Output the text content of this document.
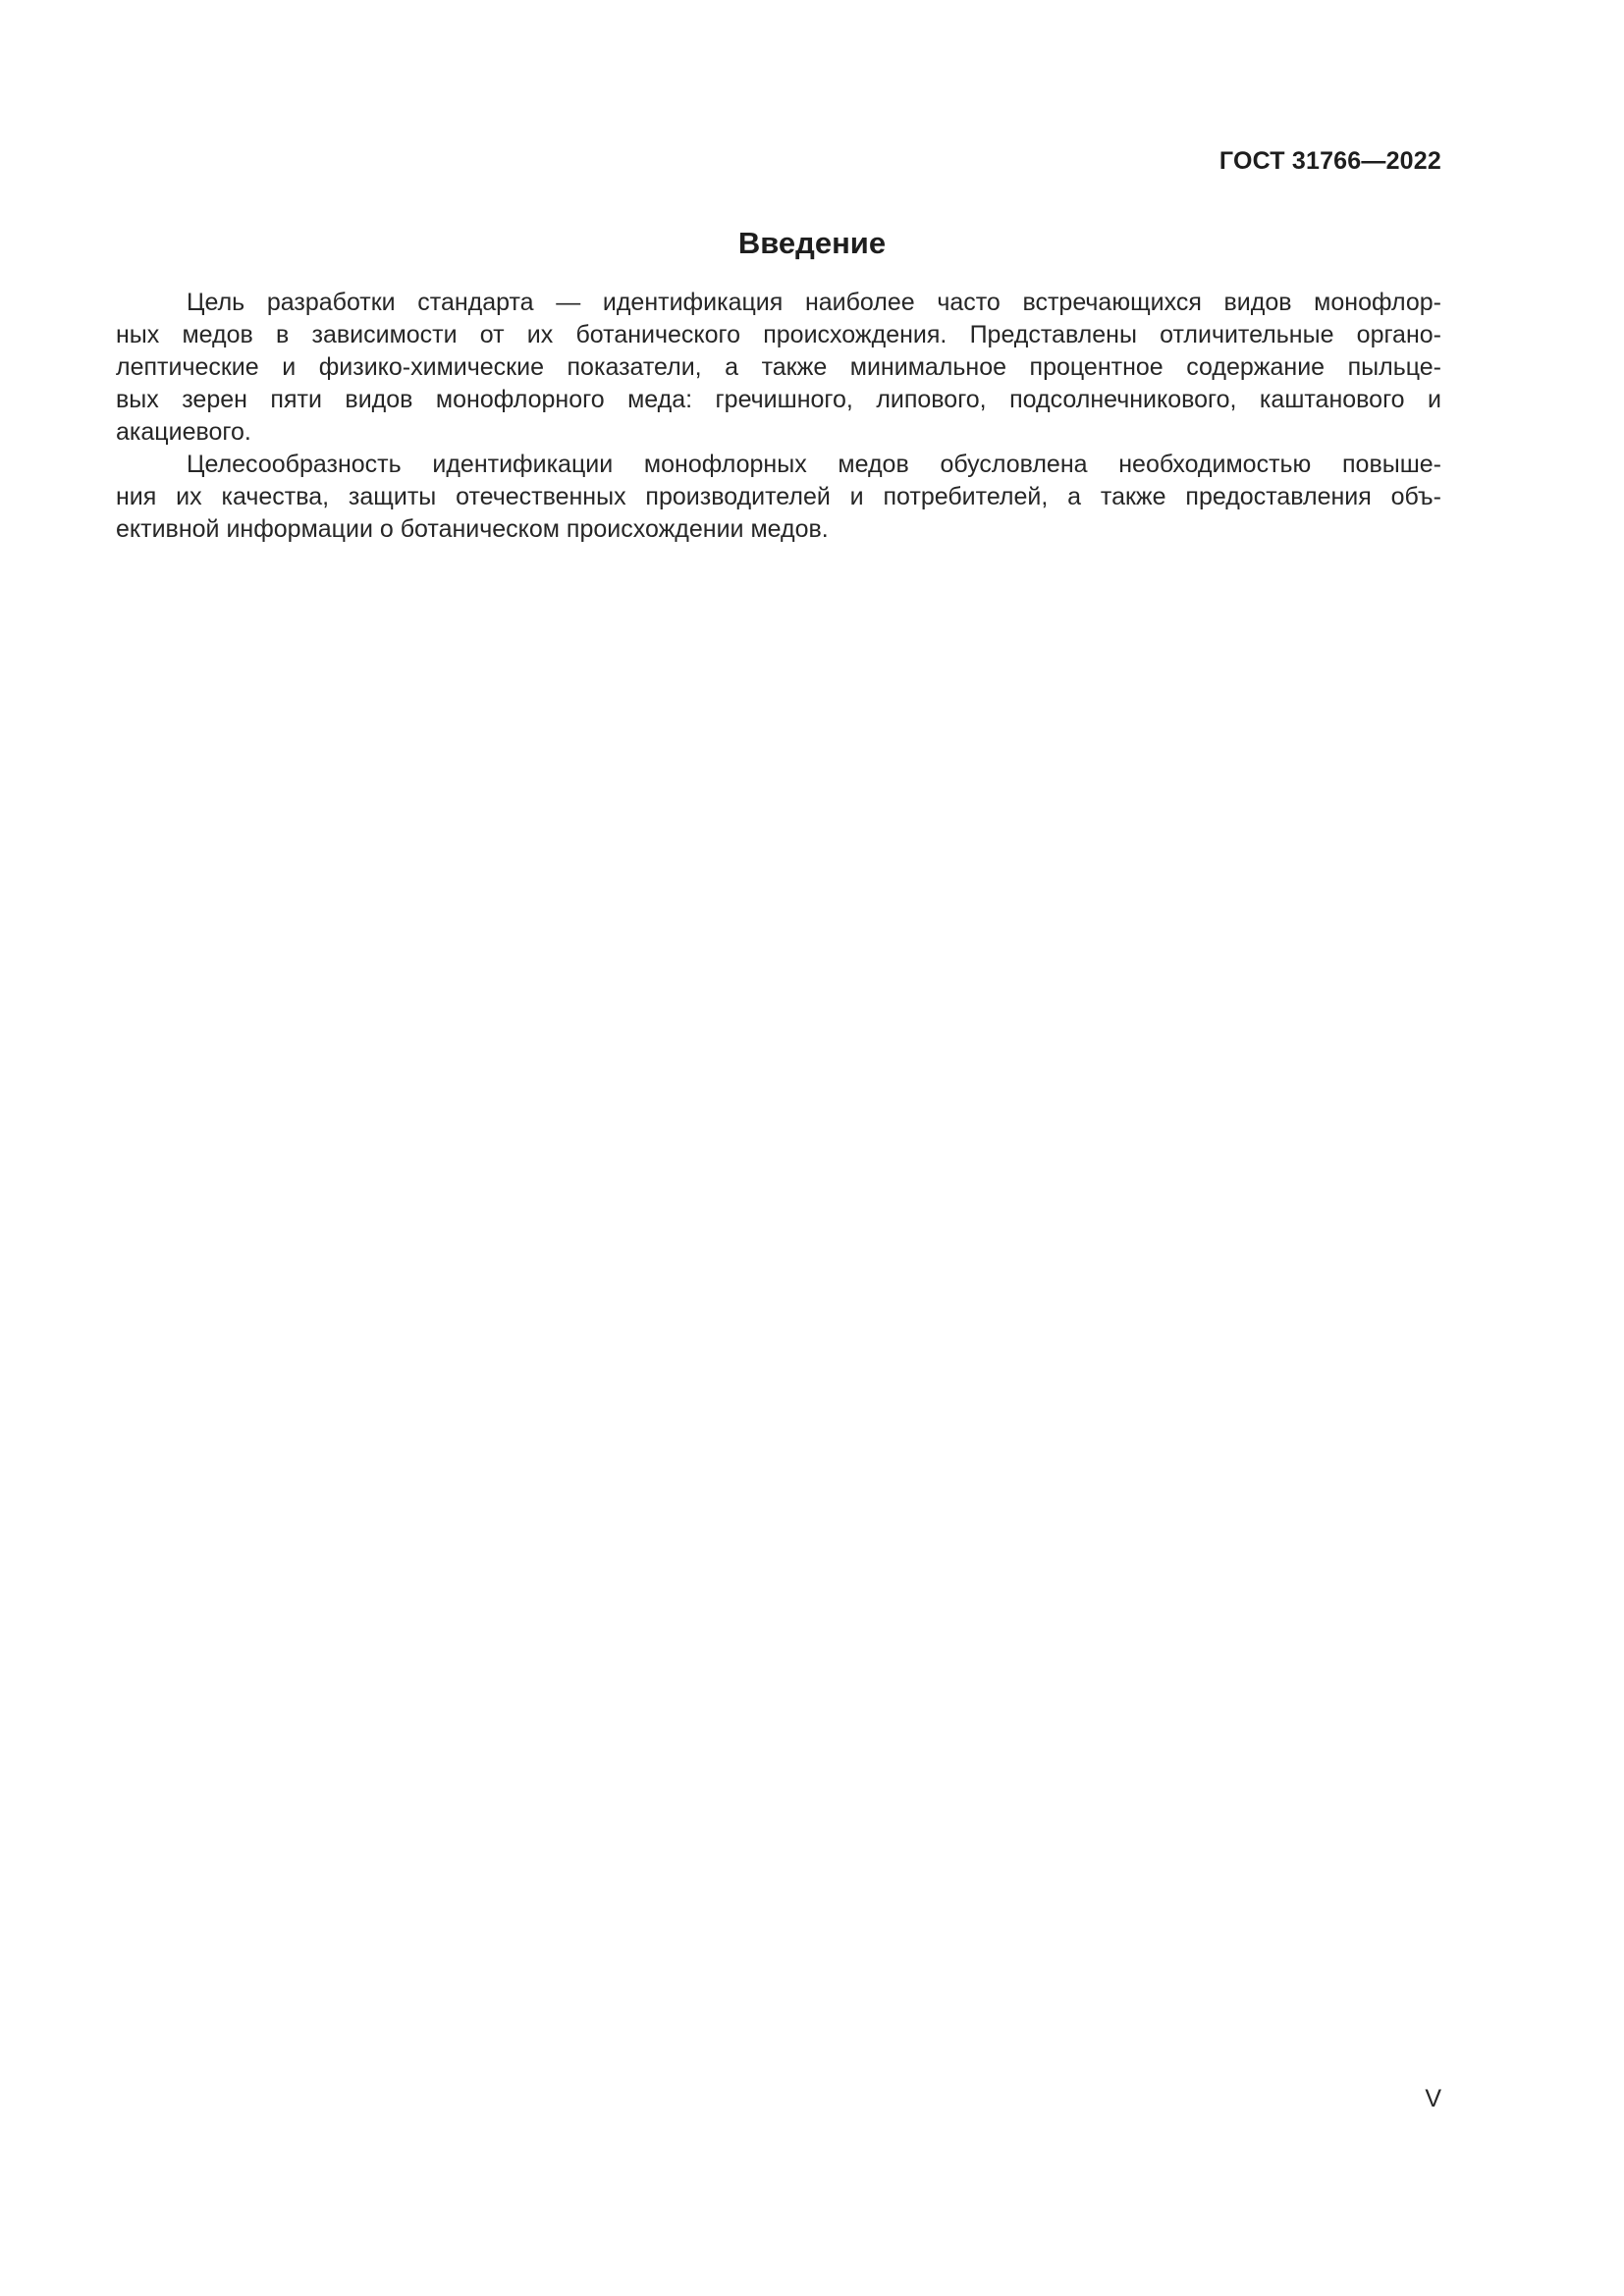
ГОСТ 31766—2022
Введение
Цель разработки стандарта — идентификация наиболее часто встречающихся видов монофлор-
ных медов в зависимости от их ботанического происхождения. Представлены отличительные органо-
лептические и физико-химические показатели, а также минимальное процентное содержание пыльце-
вых зерен пяти видов монофлорного меда: гречишного, липового, подсолнечникового, каштанового и
акациевого.
Целесообразность идентификации монофлорных медов обусловлена необходимостью повыше-
ния их качества, защиты отечественных производителей и потребителей, а также предоставления объ-
ективной информации о ботаническом происхождении медов.
V
